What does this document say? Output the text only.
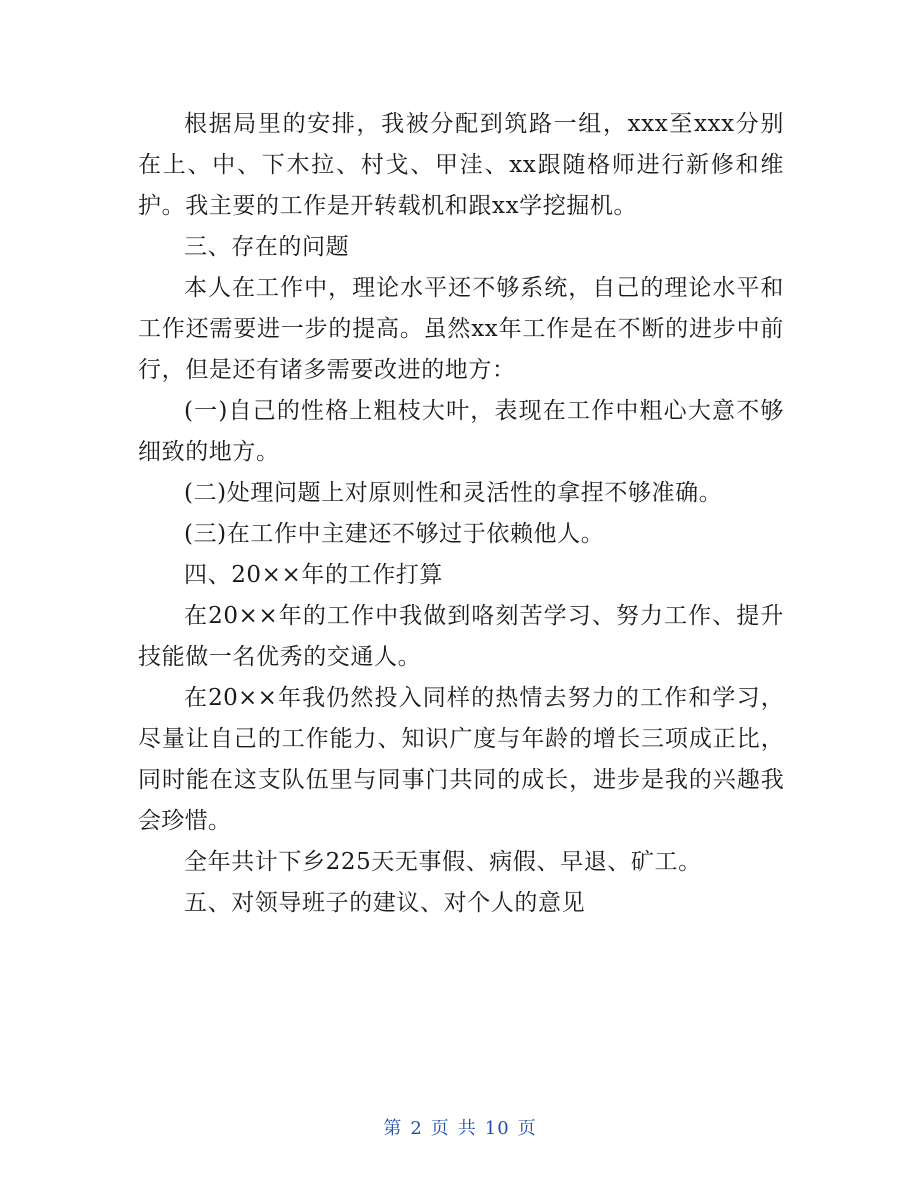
根据局里的安排，我被分配到筑路一组，xxx至xxx分别在上、中、下木拉、村戈、甲洼、xx跟随格师进行新修和维护。我主要的工作是开转载机和跟xx学挖掘机。

三、存在的问题

本人在工作中，理论水平还不够系统，自己的理论水平和工作还需要进一步的提高。虽然xx年工作是在不断的进步中前行，但是还有诸多需要改进的地方：

(一)自己的性格上粗枝大叶，表现在工作中粗心大意不够细致的地方。

(二)处理问题上对原则性和灵活性的拿捏不够准确。

(三)在工作中主建还不够过于依赖他人。

四、20××年的工作打算

在20××年的工作中我做到咯刻苦学习、努力工作、提升技能做一名优秀的交通人。

在20××年我仍然投入同样的热情去努力的工作和学习，尽量让自己的工作能力、知识广度与年龄的增长三项成正比，同时能在这支队伍里与同事门共同的成长，进步是我的兴趣我会珍惜。

全年共计下乡225天无事假、病假、早退、矿工。

五、对领导班子的建议、对个人的意见

第 2 页 共 10 页
